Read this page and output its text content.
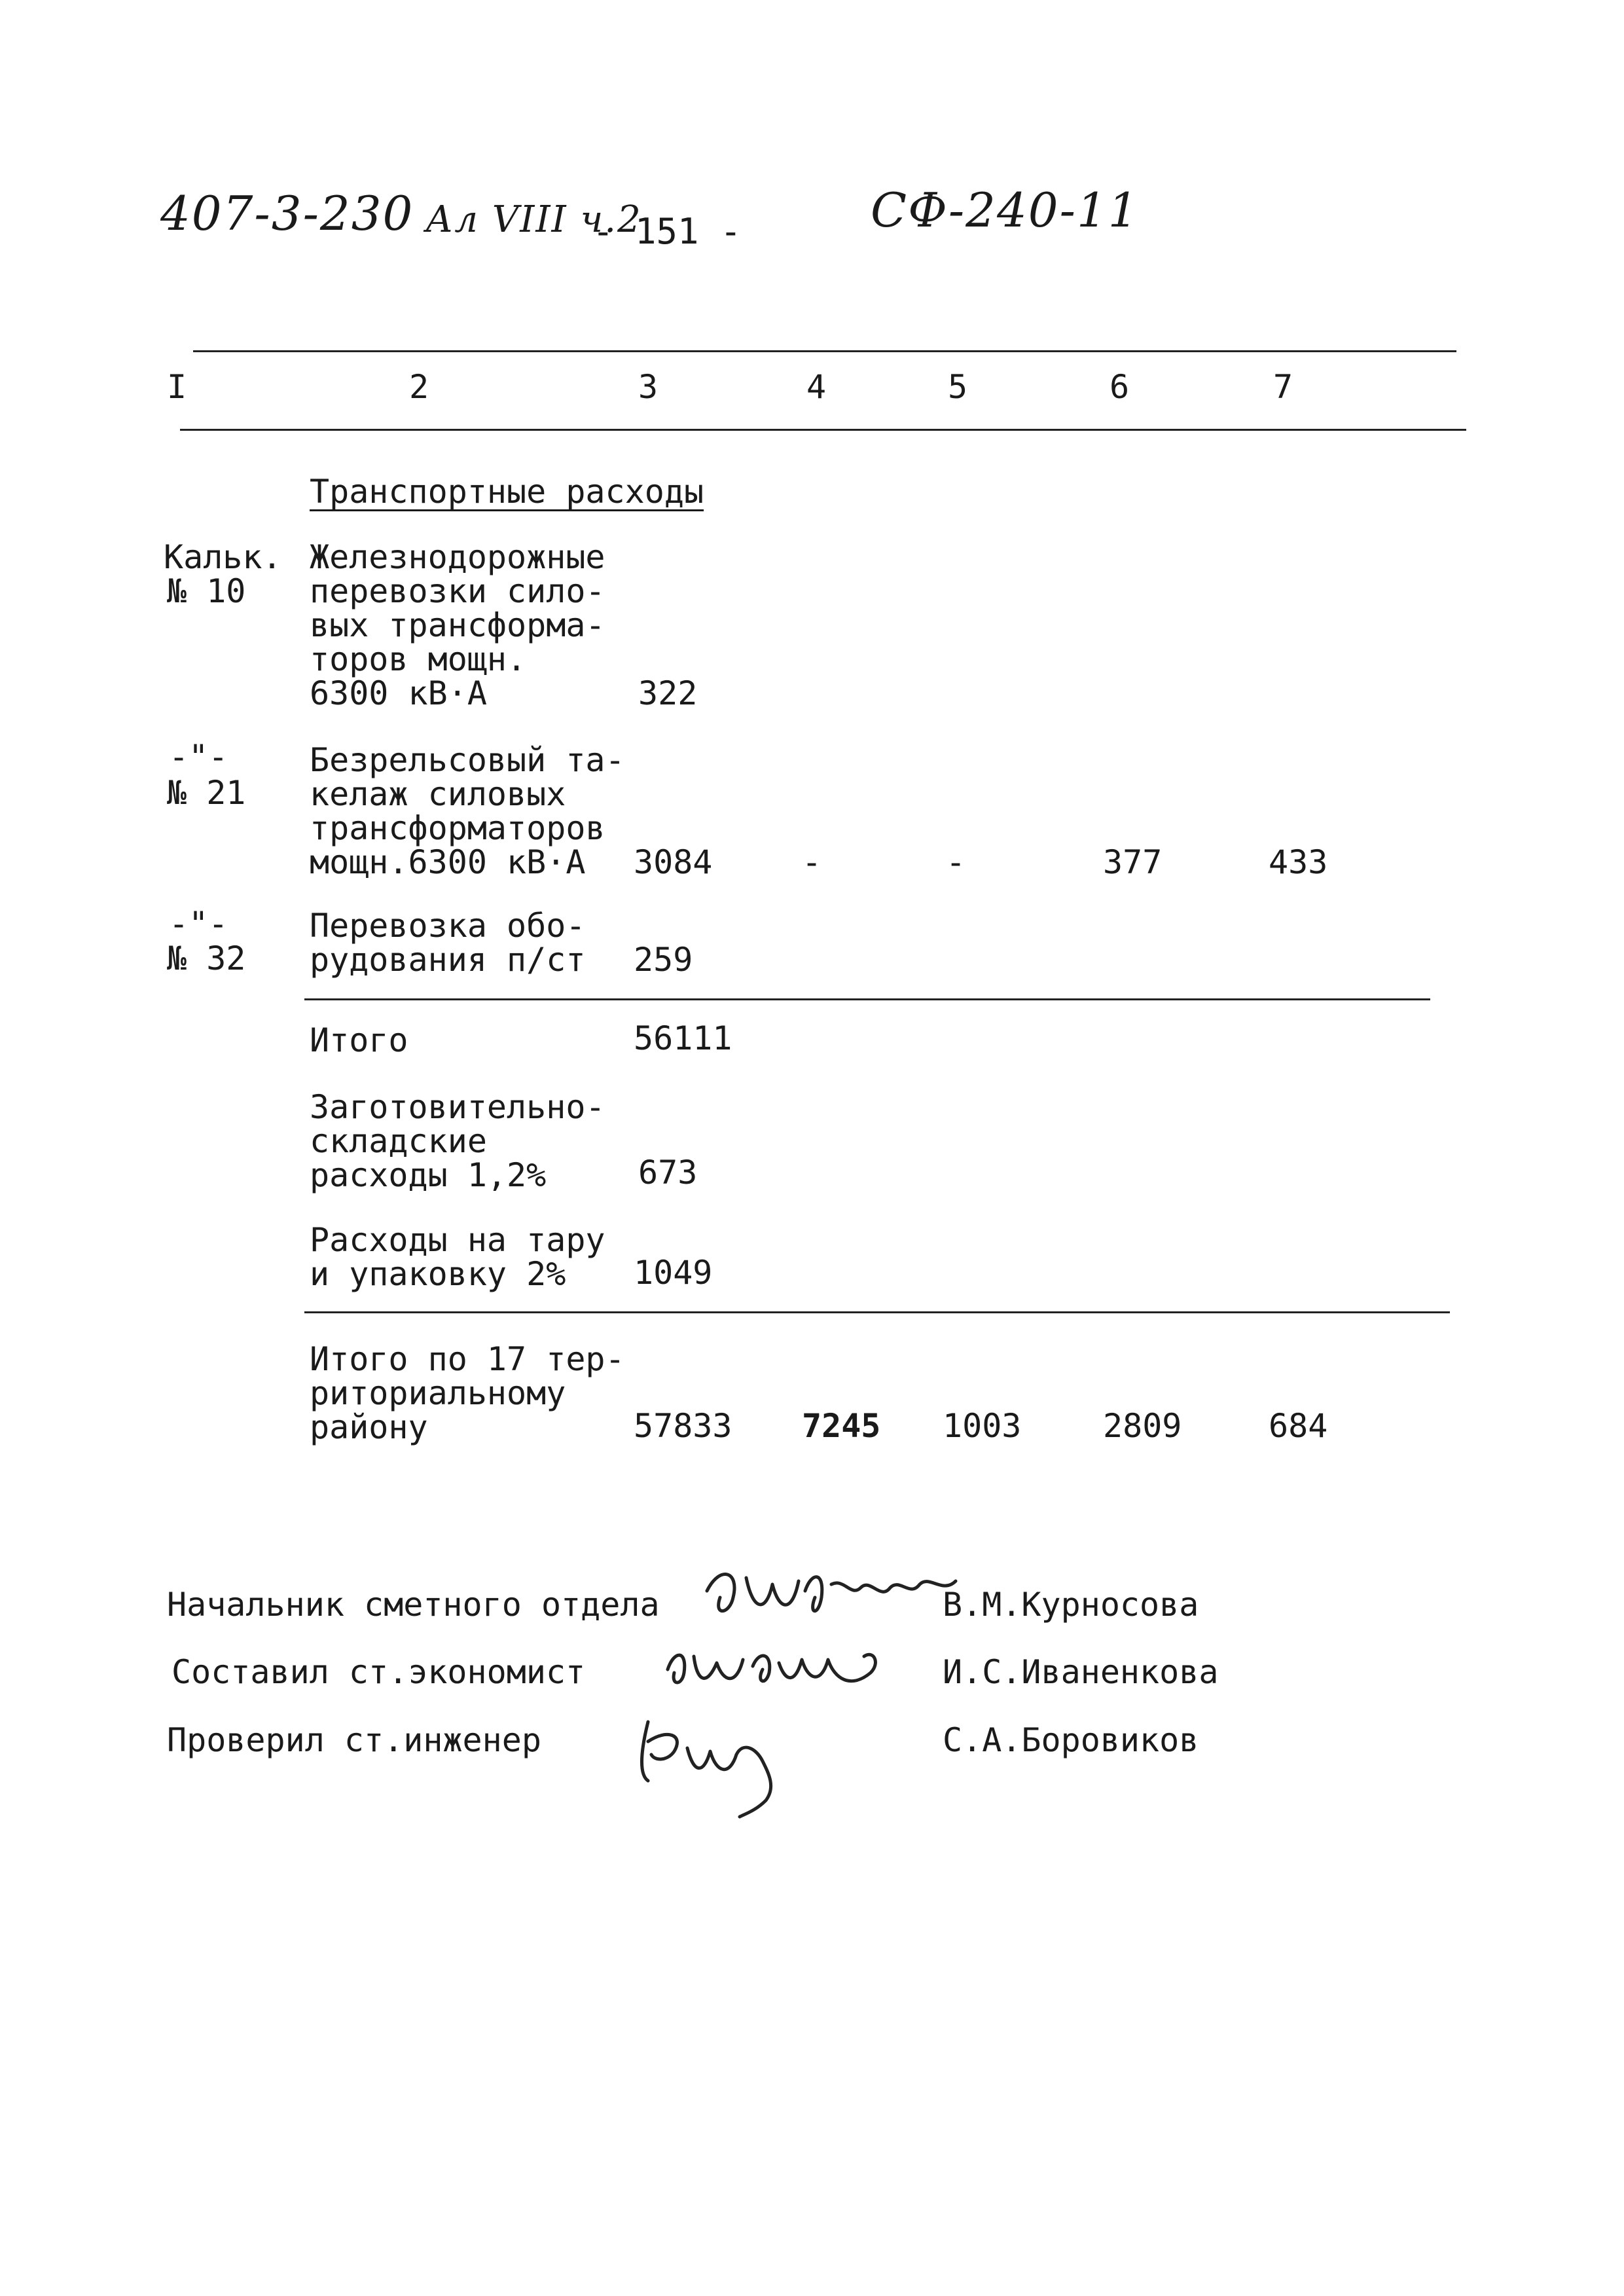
407-3-230 Ал VIII ч.2
- 151 -	СФ-240-11
I	2	3	4	5	6	7
Транспортные расходы
Кальк.
№ 10
Железнодорожные
перевозки сило-
вых трансформа-
торов мощн.
6300 кВ·А	322
-"-
№ 21
Безрельсовый та-
келаж силовых
трансформаторов
мощн.6300 кВ·А	3084	-	-	377	433
-"-
№ 32
Перевозка обо-
рудования п/ст 259
Итого	56111
Заготовительно-
складские
расходы 1,2%	673
Расходы на тару
и упаковку 2%	1049
Итого по 17 тер-
риториальному
району	57833 7245 1003 2809	684
Начальник сметного отдела	В.М.Курносова
Составил ст.экономист	И.С.Иваненкова
Проверил ст.инженер	С.А.Боровиков
